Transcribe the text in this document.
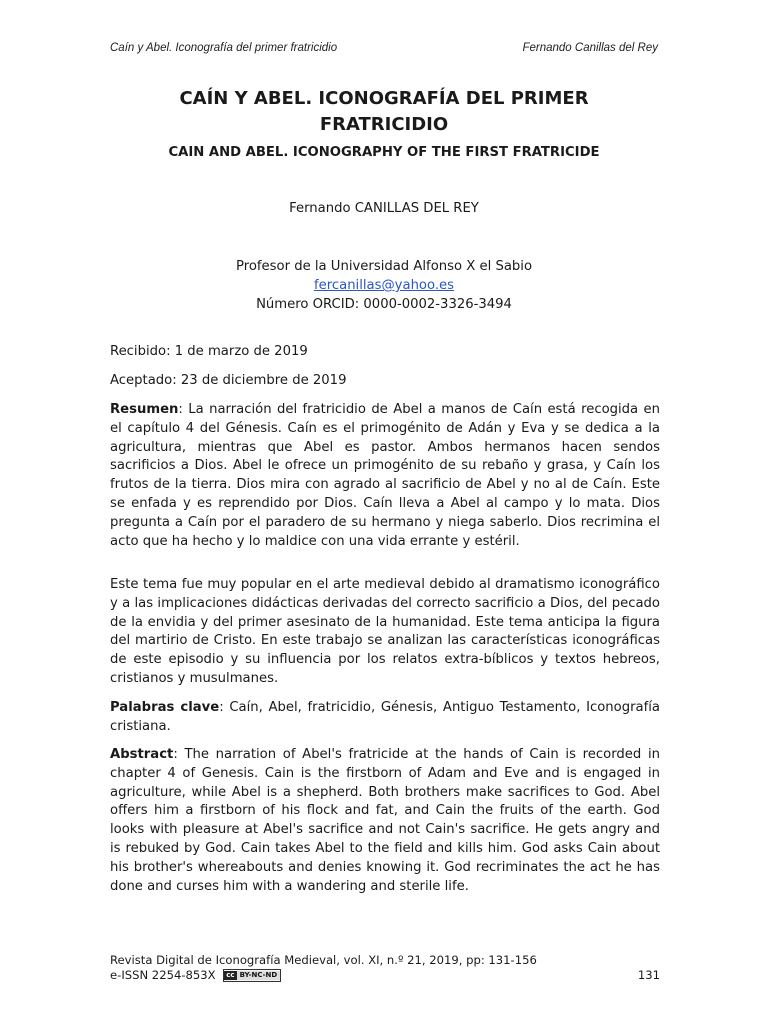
Caín y Abel. Iconografía del primer fratricidio	Fernando Canillas del Rey
CAÍN Y ABEL. ICONOGRAFÍA DEL PRIMER
FRATRICIDIO
CAIN AND ABEL. ICONOGRAPHY OF THE FIRST FRATRICIDE
Fernando CANILLAS DEL REY
Profesor de la Universidad Alfonso X el Sabio
fercanillas@yahoo.es
Número ORCID: 0000-0002-3326-3494
Recibido: 1 de marzo de 2019
Aceptado: 23 de diciembre de 2019

Resumen: La narración del fratricidio de Abel a manos de Caín está recogida en el capítulo 4 del Génesis. Caín es el primogénito de Adán y Eva y se dedica a la agricultura, mientras que Abel es pastor. Ambos hermanos hacen sendos sacrificios a Dios. Abel le ofrece un primogénito de su rebaño y grasa, y Caín los frutos de la tierra. Dios mira con agrado al sacrificio de Abel y no al de Caín. Este se enfada y es reprendido por Dios. Caín lleva a Abel al campo y lo mata. Dios pregunta a Caín por el paradero de su hermano y niega saberlo. Dios recrimina el acto que ha hecho y lo maldice con una vida errante y estéril.

Este tema fue muy popular en el arte medieval debido al dramatismo iconográfico y a las implicaciones didácticas derivadas del correcto sacrificio a Dios, del pecado de la envidia y del primer asesinato de la humanidad. Este tema anticipa la figura del martirio de Cristo. En este trabajo se analizan las características iconográficas de este episodio y su influencia por los relatos extra-bíblicos y textos hebreos, cristianos y musulmanes.

Palabras clave: Caín, Abel, fratricidio, Génesis, Antiguo Testamento, Iconografía cristiana.

Abstract: The narration of Abel's fratricide at the hands of Cain is recorded in chapter 4 of Genesis. Cain is the firstborn of Adam and Eve and is engaged in agriculture, while Abel is a shepherd. Both brothers make sacrifices to God. Abel offers him a firstborn of his flock and fat, and Cain the fruits of the earth. God looks with pleasure at Abel's sacrifice and not Cain's sacrifice. He gets angry and is rebuked by God. Cain takes Abel to the field and kills him. God asks Cain about his brother's whereabouts and denies knowing it. God recriminates the act he has done and curses him with a wandering and sterile life.

Revista Digital de Iconografía Medieval, vol. XI, n.º 21, 2019, pp: 131-156
e-ISSN 2254-853X cc BY-NC-ND	131
